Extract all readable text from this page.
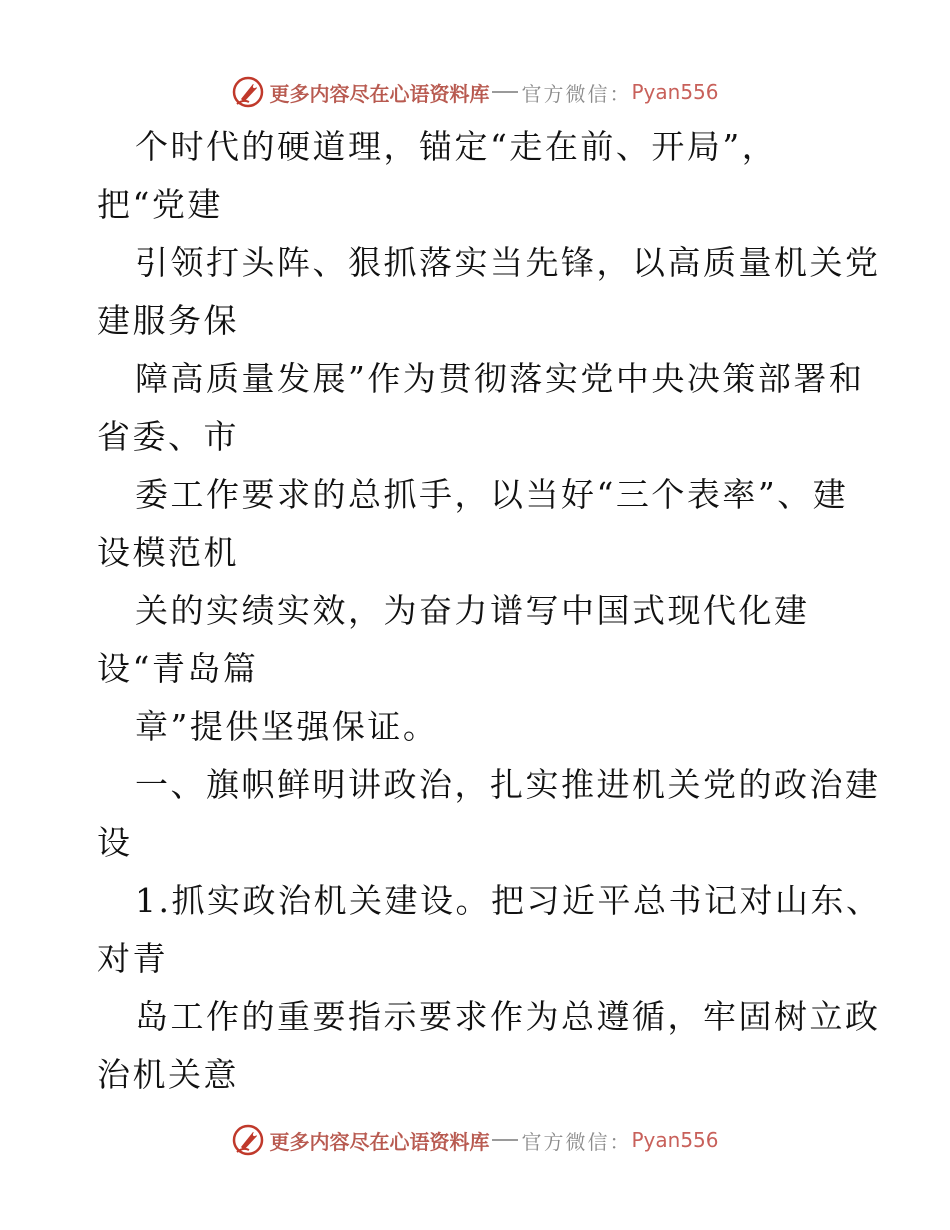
更多内容尽在心语资料库 官方微信： Pyan556
个时代的硬道理，锚定“走在前、开局”，
把“党建
引领打头阵、狠抓落实当先锋，以高质量机关党
建服务保
障高质量发展”作为贯彻落实党中央决策部署和
省委、市
委工作要求的总抓手，以当好“三个表率”、建
设模范机
关的实绩实效，为奋力谱写中国式现代化建
设“青岛篇
章”提供坚强保证。
一、旗帜鲜明讲政治，扎实推进机关党的政治建
设
1.抓实政治机关建设。把习近平总书记对山东、
对青
岛工作的重要指示要求作为总遵循，牢固树立政
治机关意
更多内容尽在心语资料库 官方微信： Pyan556
